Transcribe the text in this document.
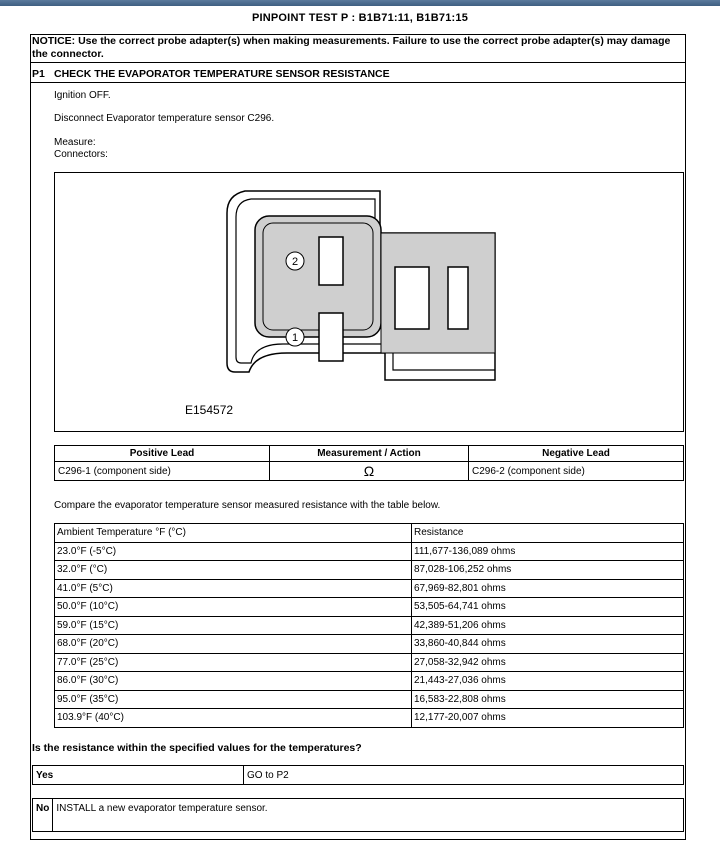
PINPOINT TEST P : B1B71:11, B1B71:15
NOTICE: Use the correct probe adapter(s) when making measurements. Failure to use the correct probe adapter(s) may damage the connector.
P1 CHECK THE EVAPORATOR TEMPERATURE SENSOR RESISTANCE
Ignition OFF.
Disconnect Evaporator temperature sensor C296.
Measure:
Connectors:
2
1
E154572
Positive Lead	Measurement / Action	Negative Lead
C296-1 (component side)	Ω	C296-2 (component side)
Compare the evaporator temperature sensor measured resistance with the table below.
Ambient Temperature °F (°C)	Resistance
23.0°F (-5°C)	111,677-136,089 ohms
32.0°F (°C)	87,028-106,252 ohms
41.0°F (5°C)	67,969-82,801 ohms
50.0°F (10°C)	53,505-64,741 ohms
59.0°F (15°C)	42,389-51,206 ohms
68.0°F (20°C)	33,860-40,844 ohms
77.0°F (25°C)	27,058-32,942 ohms
86.0°F (30°C)	21,443-27,036 ohms
95.0°F (35°C)	16,583-22,808 ohms
103.9°F (40°C)	12,177-20,007 ohms
Is the resistance within the specified values for the temperatures?
Yes	GO to P2
No	INSTALL a new evaporator temperature sensor.
